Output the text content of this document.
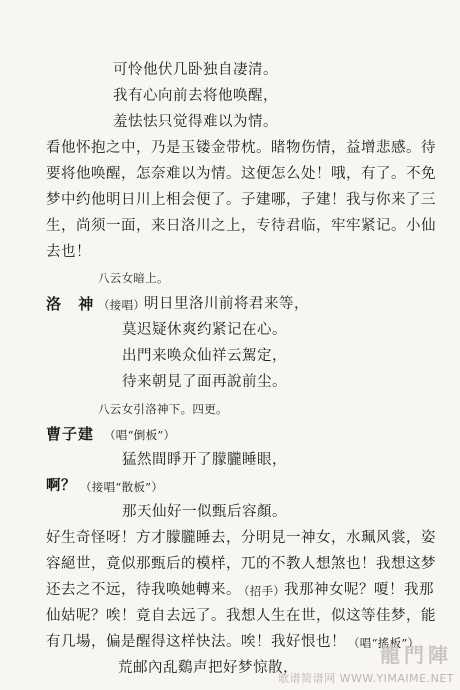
可怜他伏几卧独自凄清。
我有心向前去将他唤醒，
羞怯怯只觉得难以为情。
看他怀抱之中，乃是玉镂金带枕。睹物伤情，益增悲感。待
要将他唤醒，怎奈难以为情。这便怎么处！哦，有了。不免
梦中约他明日川上相会便了。子建哪，子建！我与你来了三
生，尚须一面，来日洛川之上，专待君临，牢牢紧记。小仙
去也！
八云女暗上。
洛 神
（接唱）
明日里洛川前将君来等，
莫迟疑休爽约紧记在心。
出門来唤众仙祥云駕定，
待来朝見了面再說前尘。
八云女引洛神下。四更。
曹子建 （唱“倒板”）
猛然間睜开了朦朧睡眼，
啊？ （接唱“散板”）
那天仙好一似甄后容顏。
好生奇怪呀！方才朦朧睡去，分明見一神女，水珮风裳，姿
容絕世，竟似那甄后的模样，兀的不教人想煞也！我想这梦
还去之不远，待我唤她轉来。
（招手）
我那神女呢？嗄！我那
仙姑呢？唉！竟自去远了。我想人生在世，似这等佳梦，能
有几場，偏是醒得这样快法。唉！我好恨也！ （唱“搖板”）
荒邮內乱鷄声把好梦惊散，
龍門陣
歌谱简谱网 WWW.YIMAIME.NET
